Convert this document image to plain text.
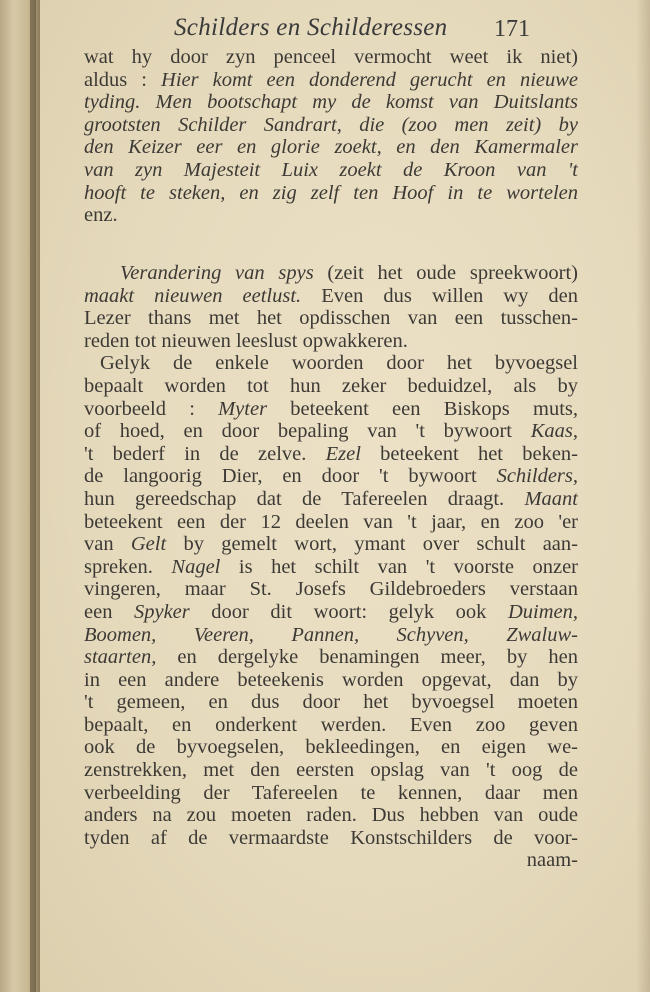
Schilders en Schilderessen 171
wat hy door zyn penceel vermocht weet ik niet)
aldus : Hier komt een donderend gerucht en nieuwe
tyding. Men bootschapt my de komst van Duitslants
grootsten Schilder Sandrart, die (zoo men zeit) by
den Keizer eer en glorie zoekt, en den Kamermaler
van zyn Majesteit Luix zoekt de Kroon van 't
hooft te steken, en zig zelf ten Hoof in te wortelen
enz.
Verandering van spys (zeit het oude spreekwoort)
maakt nieuwen eetlust. Even dus willen wy den
Lezer thans met het opdisschen van een tusschen-
reden tot nieuwen leeslust opwakkeren.
Gelyk de enkele woorden door het byvoegsel
bepaalt worden tot hun zeker beduidzel, als by
voorbeeld : Myter beteekent een Biskops muts,
of hoed, en door bepaling van 't bywoort Kaas,
't bederf in de zelve. Ezel beteekent het beken-
de langoorig Dier, en door 't bywoort Schilders,
hun gereedschap dat de Tafereelen draagt. Maant
beteekent een der 12 deelen van 't jaar, en zoo 'er
van Gelt by gemelt wort, ymant over schult aan-
spreken. Nagel is het schilt van 't voorste onzer
vingeren, maar St. Josefs Gildebroeders verstaan
een Spyker door dit woort: gelyk ook Duimen,
Boomen, Veeren, Pannen, Schyven, Zwaluw-
staarten, en dergelyke benamingen meer, by hen
in een andere beteekenis worden opgevat, dan by
't gemeen, en dus door het byvoegsel moeten
bepaalt, en onderkent werden. Even zoo geven
ook de byvoegselen, bekleedingen, en eigen we-
zenstrekken, met den eersten opslag van 't oog de
verbeelding der Tafereelen te kennen, daar men
anders na zou moeten raden. Dus hebben van oude
tyden af de vermaardste Konstschilders de voor-
naam-
